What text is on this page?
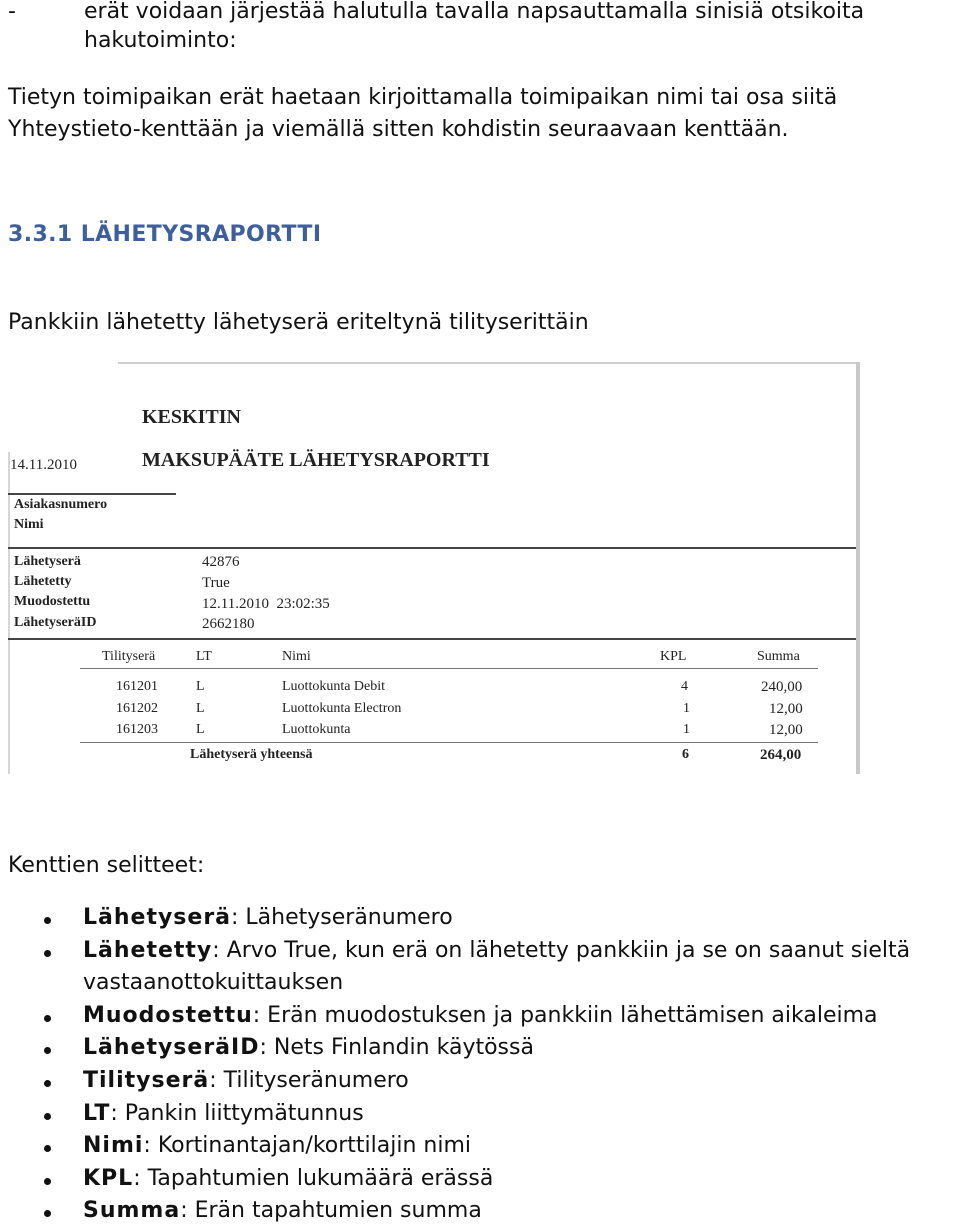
-	erät voidaan järjestää halutulla tavalla napsauttamalla sinisiä otsikoita

hakutoiminto:

Tietyn toimipaikan erät haetaan kirjoittamalla toimipaikan nimi tai osa siitä

Yhteystieto-kenttään ja viemällä sitten kohdistin seuraavaan kenttään.

3.3.1 LÄHETYSRAPORTTI

Pankkiin lähetetty lähetyserä eriteltynä tilityserittäin

KESKITIN
MAKSUPÄÄTE LÄHETYSRAPORTTI
14.11.2010
Asiakasnumero
Nimi
Lähetyserä	42876
Lähetetty	True
Muodostettu	12.11.2010  23:02:35
LähetyseräID	2662180
Tilityserä	LT	Nimi	KPL	Summa
161201	L	Luottokunta Debit	4	240,00
161202	L	Luottokunta Electron	1	12,00
161203	L	Luottokunta	1	12,00
Lähetyserä yhteensä	6	264,00

Kenttien selitteet:

Lähetyserä: Lähetyseränumero
Lähetetty: Arvo True, kun erä on lähetetty pankkiin ja se on saanut sieltä
vastaanottokuittauksen
Muodostettu: Erän muodostuksen ja pankkiin lähettämisen aikaleima
LähetyseräID: Nets Finlandin käytössä
Tilityserä: Tilityseränumero
LT: Pankin liittymätunnus
Nimi: Kortinantajan/korttilajin nimi
KPL: Tapahtumien lukumäärä erässä
Summa: Erän tapahtumien summa
